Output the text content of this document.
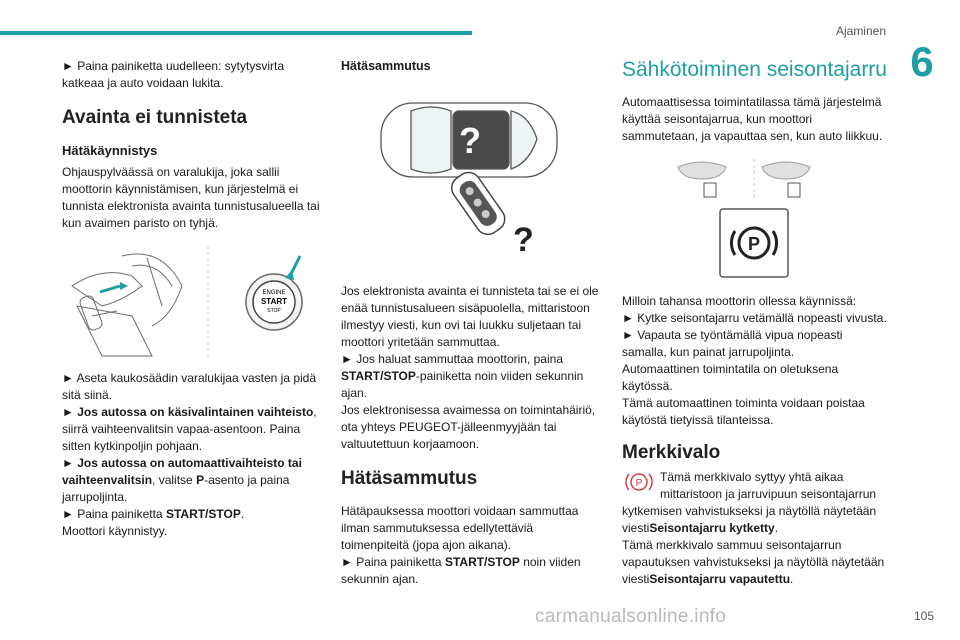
Ajaminen
6

► Paina painiketta uudelleen: sytytysvirta katkeaa ja auto voidaan lukita.

Avainta ei tunnisteta
Hätäkäynnistys

Ohjauspylväässä on varalukija, joka sallii moottorin käynnistämisen, kun järjestelmä ei tunnista elektronista avainta tunnistusalueella tai kun avaimen paristo on tyhjä.

ENGINE
START
STOP

► Aseta kaukosäädin varalukijaa vasten ja pidä sitä siinä.

► Jos autossa on käsivalintainen vaihteisto, siirrä vaihteenvalitsin vapaa-asentoon. Paina sitten kytkinpoljin pohjaan.

► Jos autossa on automaattivaihteisto tai vaihteenvalitsin, valitse P-asento ja paina jarrupoljinta.

► Paina painiketta START/STOP.

Moottori käynnistyy.

Hätäsammutus
?
?

Jos elektronista avainta ei tunnisteta tai se ei ole enää tunnistusalueen sisäpuolella, mittaristoon ilmestyy viesti, kun ovi tai luukku suljetaan tai moottori yritetään sammuttaa.

► Jos haluat sammuttaa moottorin, paina START/STOP-painiketta noin viiden sekunnin ajan.

Jos elektronisessa avaimessa on toimintahäiriö, ota yhteys PEUGEOT-jälleenmyyjään tai valtuutettuun korjaamoon.

Hätäsammutus

Hätäpauksessa moottori voidaan sammuttaa ilman sammutuksessa edellytettäviä toimenpiteitä (jopa ajon aikana).

► Paina painiketta START/STOP noin viiden sekunnin ajan.

Sähkötoiminen seisontajarru

Automaattisessa toimintatilassa tämä järjestelmä käyttää seisontajarrua, kun moottori sammutetaan, ja vapauttaa sen, kun auto liikkuu.

P

Milloin tahansa moottorin ollessa käynnissä:

► Kytke seisontajarru vetämällä nopeasti vivusta.

► Vapauta se työntämällä vipua nopeasti samalla, kun painat jarrupoljinta.

Automaattinen toimintatila on oletuksena käytössä.

Tämä automaattinen toiminta voidaan poistaa käytöstä tietyissä tilanteissa.

Merkkivalo

P Tämä merkkivalo syttyy yhtä aikaa mittaristoon ja jarruvipuun seisontajarrun kytkemisen vahvistukseksi ja näytöllä näytetään viestiSeisontajarru kytketty.

Tämä merkkivalo sammuu seisontajarrun vapautuksen vahvistukseksi ja näytöllä näytetään viestiSeisontajarru vapautettu.

carmanualsonline.info	105
